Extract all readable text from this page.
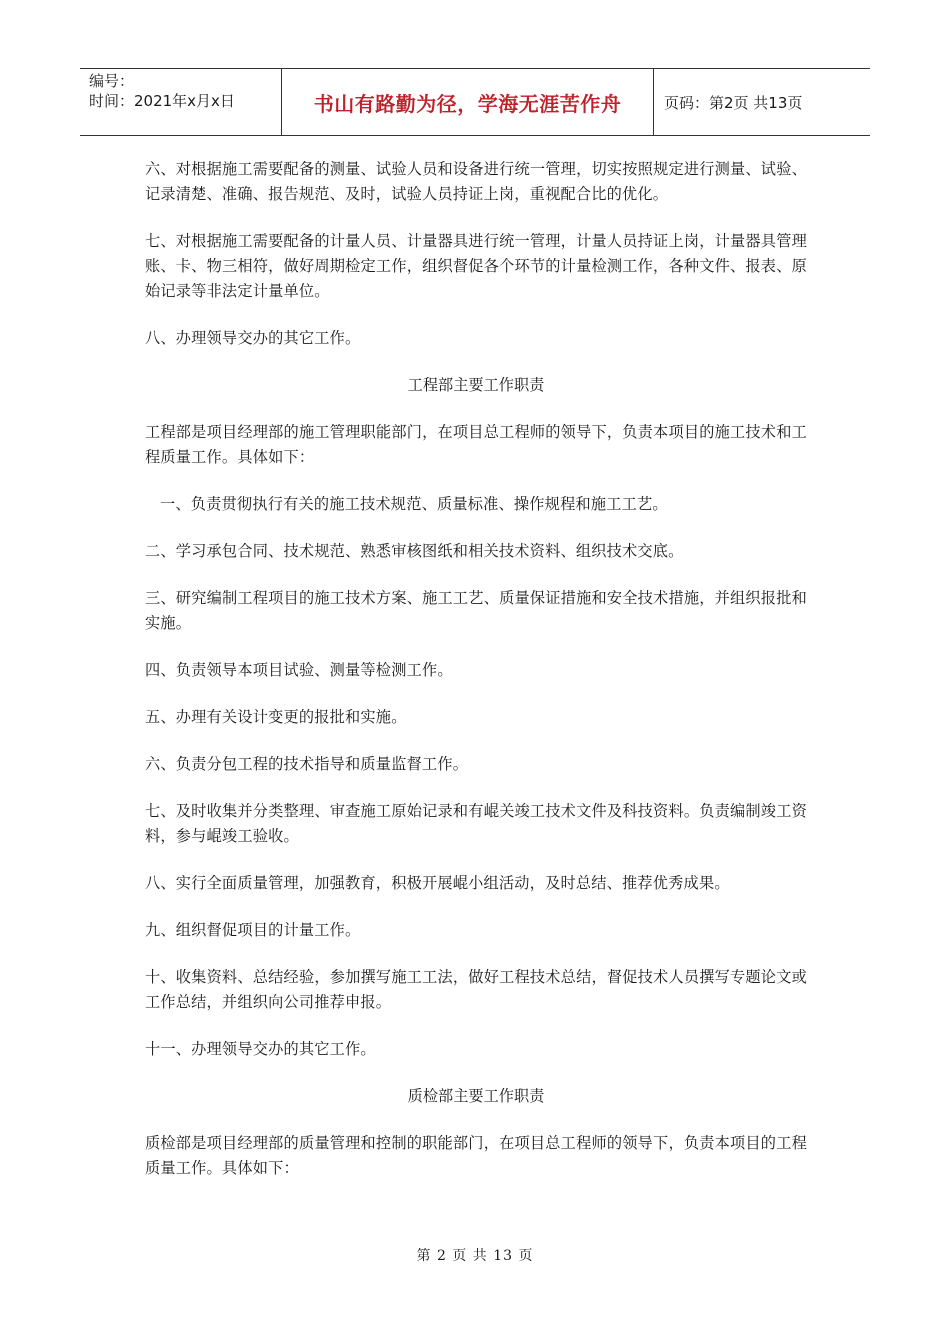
编号：
时间：2021年x月x日	书山有路勤为径，学海无涯苦作舟	页码：第2页 共13页

六、对根据施工需要配备的测量、试验人员和设备进行统一管理，切实按照规定进行测量、试验、记录清楚、准确、报告规范、及时，试验人员持证上岗，重视配合比的优化。

七、对根据施工需要配备的计量人员、计量器具进行统一管理，计量人员持证上岗，计量器具管理账、卡、物三相符，做好周期检定工作，组织督促各个环节的计量检测工作，各种文件、报表、原始记录等非法定计量单位。

八、办理领导交办的其它工作。

工程部主要工作职责

工程部是项目经理部的施工管理职能部门，在项目总工程师的领导下，负责本项目的施工技术和工程质量工作。具体如下：

一、负责贯彻执行有关的施工技术规范、质量标准、操作规程和施工工艺。

二、学习承包合同、技术规范、熟悉审核图纸和相关技术资料、组织技术交底。

三、研究编制工程项目的施工技术方案、施工工艺、质量保证措施和安全技术措施，并组织报批和实施。

四、负责领导本项目试验、测量等检测工作。

五、办理有关设计变更的报批和实施。

六、负责分包工程的技术指导和质量监督工作。

七、及时收集并分类整理、审查施工原始记录和有崐关竣工技术文件及科技资料。负责编制竣工资料，参与崐竣工验收。

八、实行全面质量管理，加强教育，积极开展崐小组活动，及时总结、推荐优秀成果。

九、组织督促项目的计量工作。

十、收集资料、总结经验，参加撰写施工工法，做好工程技术总结，督促技术人员撰写专题论文或工作总结，并组织向公司推荐申报。

十一、办理领导交办的其它工作。

质检部主要工作职责

质检部是项目经理部的质量管理和控制的职能部门，在项目总工程师的领导下，负责本项目的工程质量工作。具体如下：

第 2 页 共 13 页
